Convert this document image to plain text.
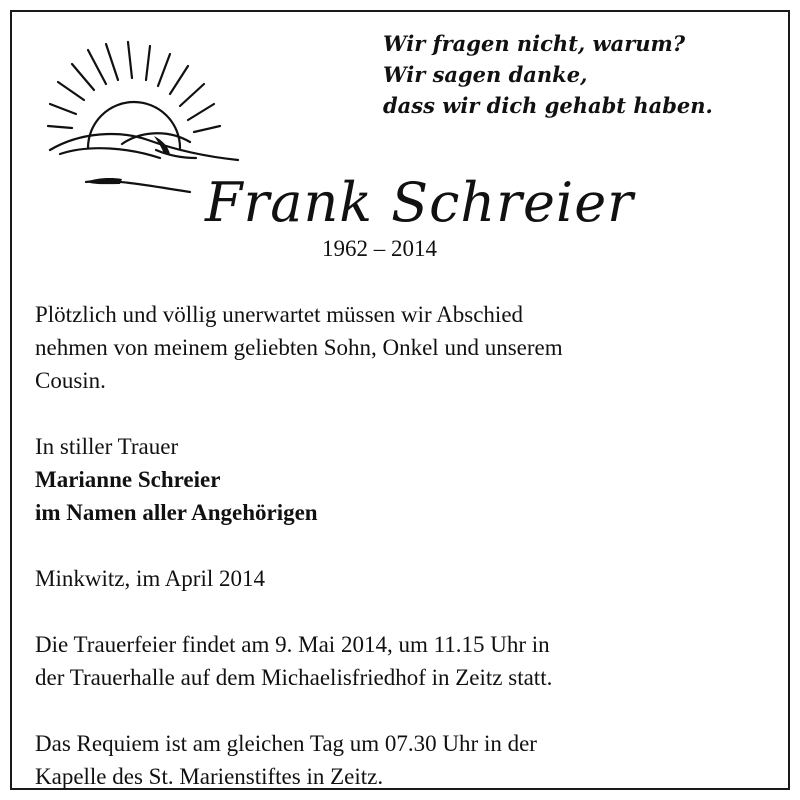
Wir fragen nicht, warum?
Wir sagen danke,
dass wir dich gehabt haben.
Frank Schreier
1962 – 2014

Plötzlich und völlig unerwartet müssen wir Abschied

nehmen von meinem geliebten Sohn, Onkel und unserem

Cousin.

In stiller Trauer

Marianne Schreier

im Namen aller Angehörigen

Minkwitz, im April 2014

Die Trauerfeier findet am 9. Mai 2014, um 11.15 Uhr in

der Trauerhalle auf dem Michaelisfriedhof in Zeitz statt.

Das Requiem ist am gleichen Tag um 07.30 Uhr in der

Kapelle des St. Marienstiftes in Zeitz.
